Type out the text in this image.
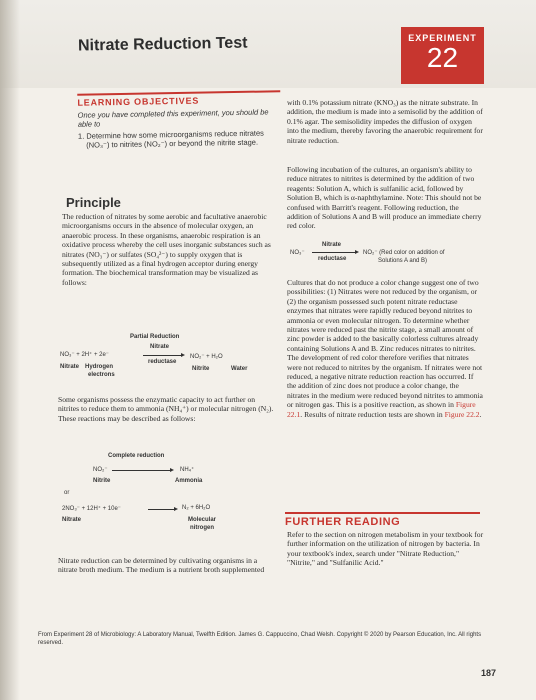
Nitrate Reduction Test	EXPERIMENT
22
LEARNING OBJECTIVES
Once you have completed this experiment, you should be able to
1. Determine how some microorganisms reduce nitrates (NO₃⁻) to nitrites (NO₂⁻) or beyond the nitrite stage.
Principle
The reduction of nitrates by some aerobic and facultative anaerobic microorganisms occurs in the absence of molecular oxygen, an anaerobic process. In these organisms, anaerobic respiration is an oxidative process whereby the cell uses inorganic substances such as nitrates (NO₃⁻) or sulfates (SO₄²⁻) to supply oxygen that is subsequently utilized as a final hydrogen acceptor during energy formation. The biochemical transformation may be visualized as follows:
Partial Reduction
NO₃⁻ + 2H⁺ + 2e⁻
Nitrate
reductase
NO₂⁻ + H₂O
Nitrate Hydrogen
electrons
Nitrite	Water
Some organisms possess the enzymatic capacity to act further on nitrites to reduce them to ammonia (NH₄⁺) or molecular nitrogen (N₂). These reactions may be described as follows:
Complete reduction
NO₂⁻	NH₄⁺
Nitrite	Ammonia
or
2NO₃⁻ + 12H⁺ + 10e⁻	N₂ + 6H₂O
Nitrate	Molecular
nitrogen
Nitrate reduction can be determined by cultivating organisms in a nitrate broth medium. The medium is a nutrient broth supplemented
with 0.1% potassium nitrate (KNO₃) as the nitrate substrate. In addition, the medium is made into a semisolid by the addition of 0.1% agar. The semisolidity impedes the diffusion of oxygen into the medium, thereby favoring the anaerobic requirement for nitrate reduction.
Following incubation of the cultures, an organism's ability to reduce nitrates to nitrites is determined by the addition of two reagents: Solution A, which is sulfanilic acid, followed by Solution B, which is α-naphthylamine. Note: This should not be confused with Barritt's reagent. Following reduction, the addition of Solutions A and B will produce an immediate cherry red color.
NO₃⁻
Nitrate
reductase
NO₂⁻ (Red color on addition of
Solutions A and B)
Cultures that do not produce a color change suggest one of two possibilities: (1) Nitrates were not reduced by the organism, or (2) the organism possessed such potent nitrate reductase enzymes that nitrates were rapidly reduced beyond nitrites to ammonia or even molecular nitrogen. To determine whether nitrates were reduced past the nitrite stage, a small amount of zinc powder is added to the basically colorless cultures already containing Solutions A and B. Zinc reduces nitrates to nitrites. The development of red color therefore verifies that nitrates were not reduced to nitrites by the organism. If nitrates were not reduced, a negative nitrate reduction reaction has occurred. If the addition of zinc does not produce a color change, the nitrates in the medium were reduced beyond nitrites to ammonia or nitrogen gas. This is a positive reaction, as shown in Figure 22.1. Results of nitrate reduction tests are shown in Figure 22.2.
FURTHER READING
Refer to the section on nitrogen metabolism in your textbook for further information on the utilization of nitrogen by bacteria. In your textbook's index, search under "Nitrate Reduction," "Nitrite," and "Sulfanilic Acid."
From Experiment 28 of Microbiology: A Laboratory Manual, Twelfth Edition. James G. Cappuccino, Chad Welsh. Copyright © 2020 by Pearson Education, Inc. All rights reserved.
187
